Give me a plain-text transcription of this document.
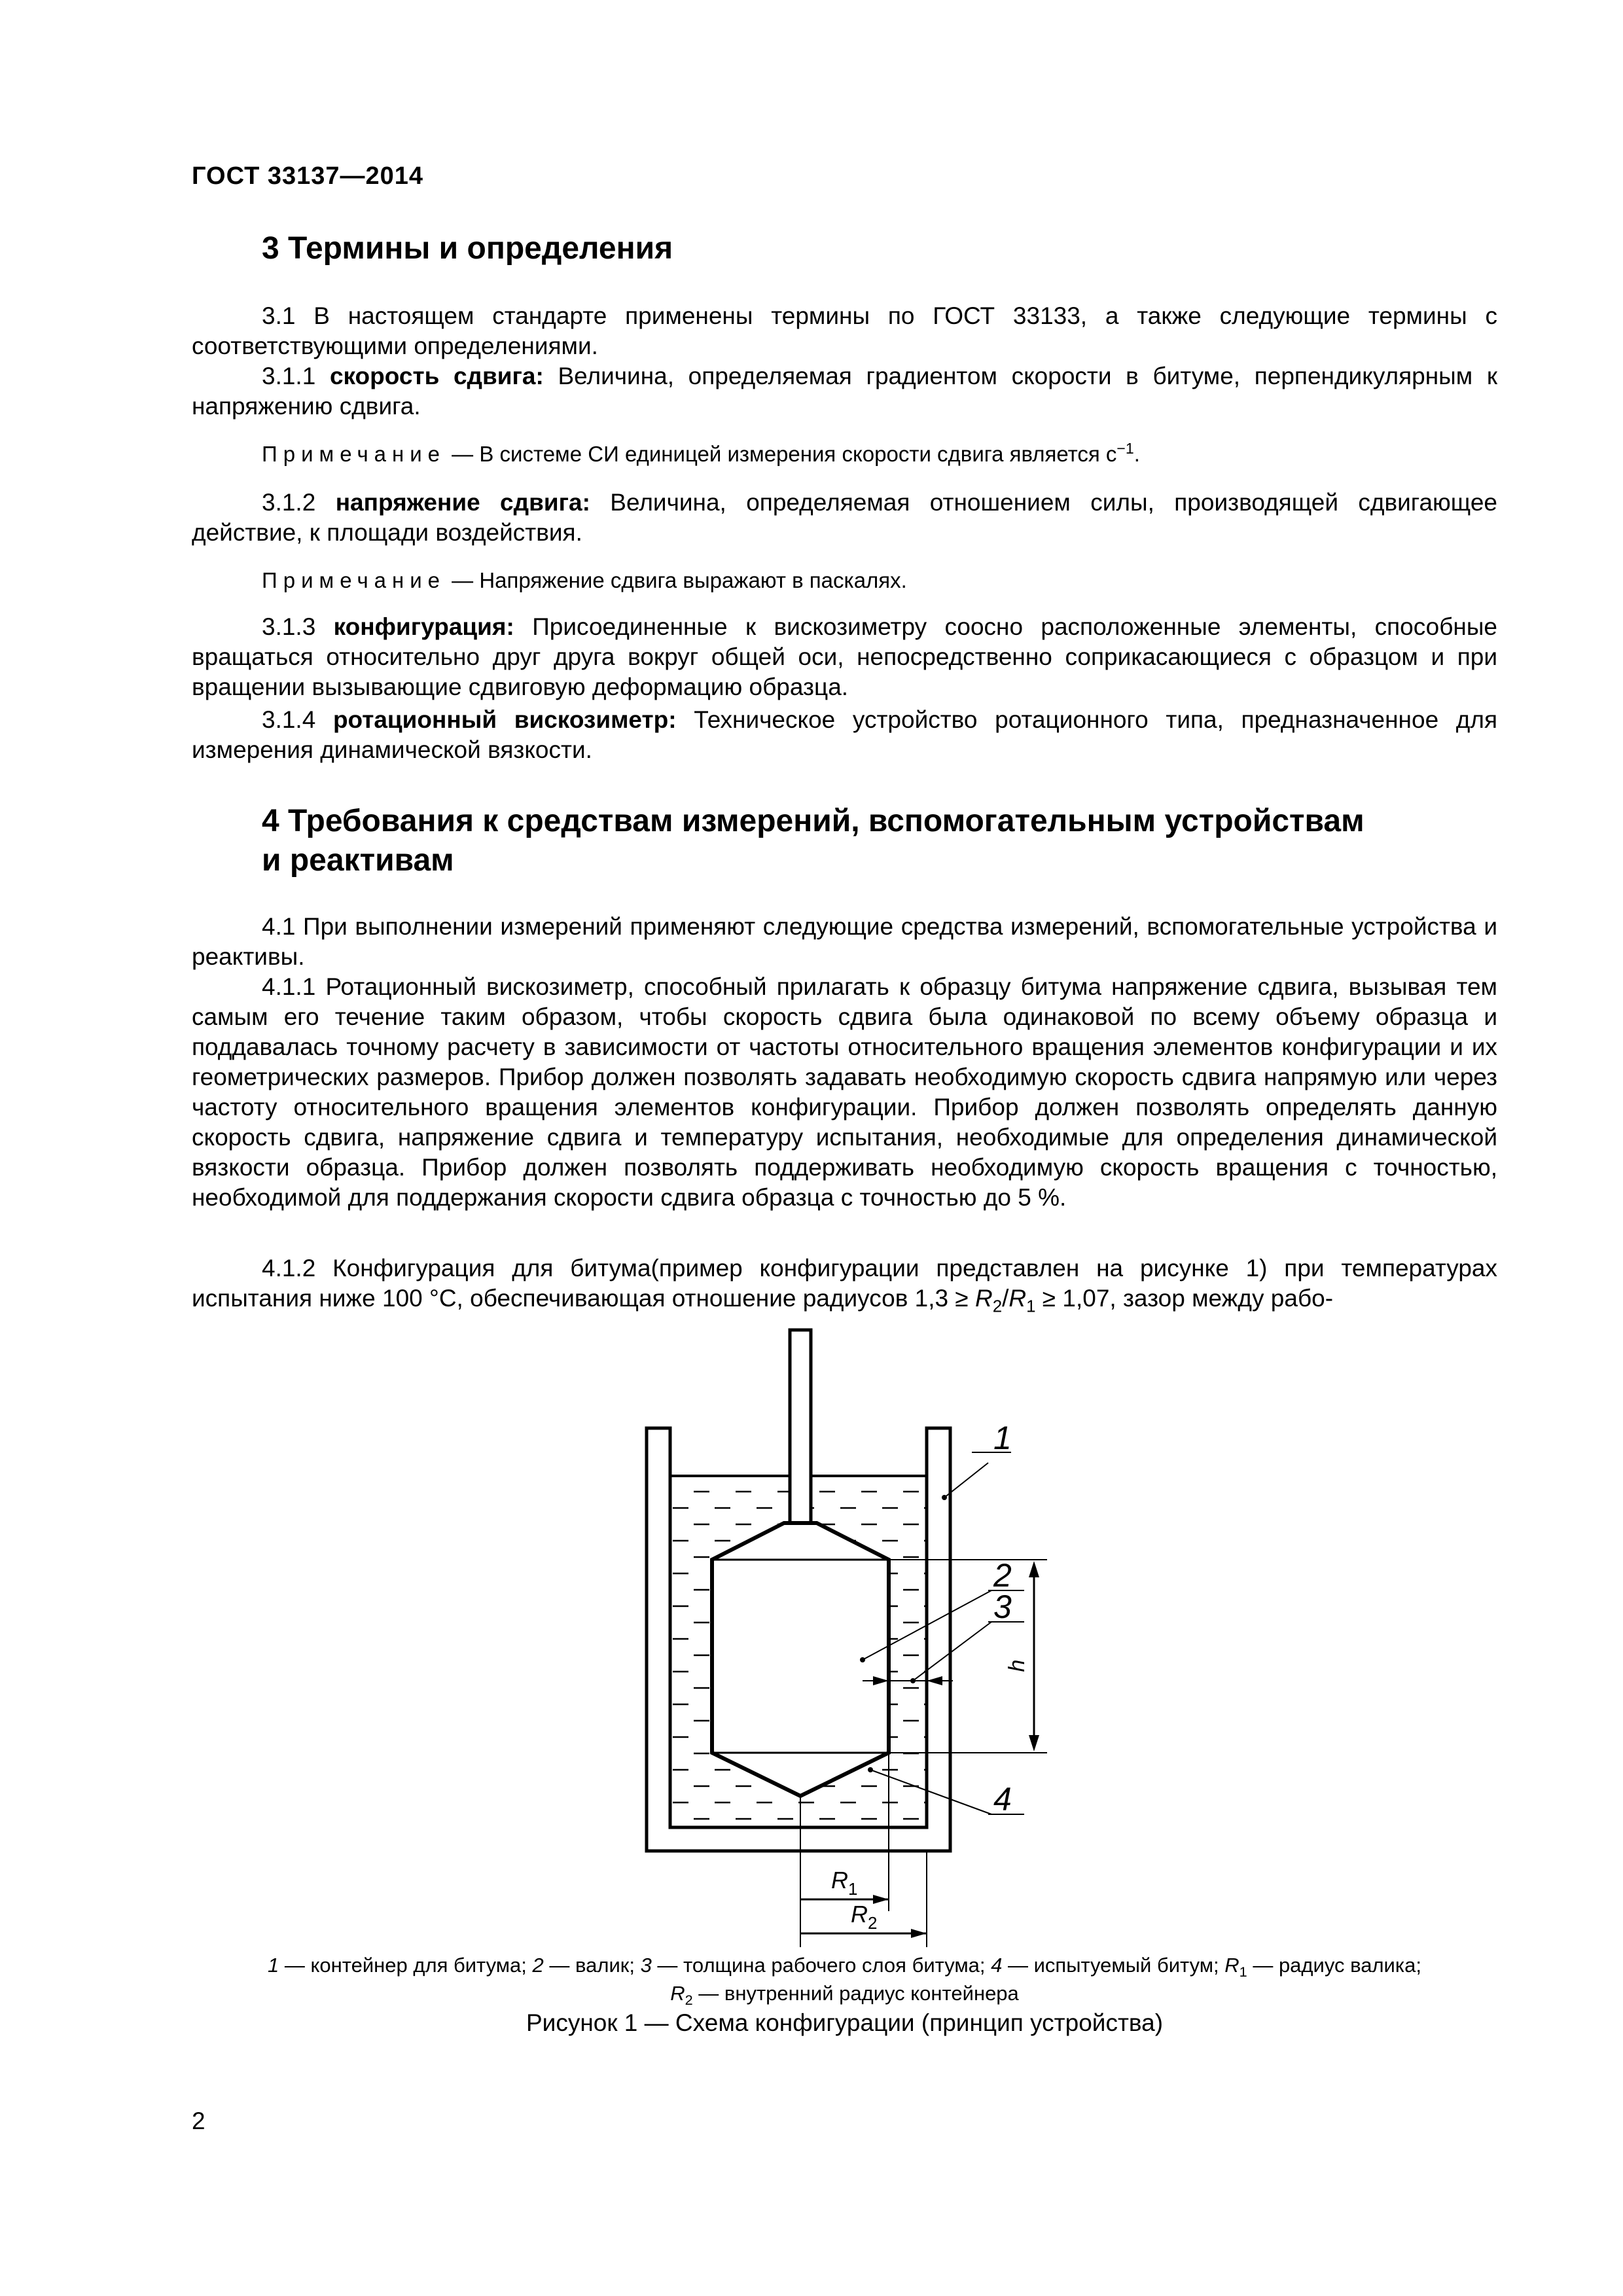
ГОСТ 33137—2014
3 Термины и определения
3.1 В настоящем стандарте применены термины по ГОСТ 33133, а также следующие термины с соответствующими определениями.
3.1.1 скорость сдвига: Величина, определяемая градиентом скорости в битуме, перпендикулярным к напряжению сдвига.
Примечание — В системе СИ единицей измерения скорости сдвига является $с^{-1}$.
3.1.2 напряжение сдвига: Величина, определяемая отношением силы, производящей сдвигающее действие, к площади воздействия.
Примечание — Напряжение сдвига выражают в паскалях.
3.1.3 конфигурация: Присоединенные к вискозиметру соосно расположенные элементы, способные вращаться относительно друг друга вокруг общей оси, непосредственно соприкасающиеся с образцом и при вращении вызывающие сдвиговую деформацию образца.
3.1.4 ротационный вискозиметр: Техническое устройство ротационного типа, предназначенное для измерения динамической вязкости.
4 Требования к средствам измерений, вспомогательным устройствам
и реактивам
4.1 При выполнении измерений применяют следующие средства измерений, вспомогательные устройства и реактивы.
4.1.1 Ротационный вискозиметр, способный прилагать к образцу битума напряжение сдвига, вызывая тем самым его течение таким образом, чтобы скорость сдвига была одинаковой по всему объему образца и поддавалась точному расчету в зависимости от частоты относительного вращения элементов конфигурации и их геометрических размеров. Прибор должен позволять задавать необходимую скорость сдвига напрямую или через частоту относительного вращения элементов конфигурации. Прибор должен позволять определять данную скорость сдвига, напряжение сдвига и температуру испытания, необходимые для определения динамической вязкости образца. Прибор должен позволять поддерживать необходимую скорость вращения с точностью, необходимой для поддержания скорости сдвига образца с точностью до 5 %.
4.1.2 Конфигурация для битума(пример конфигурации представлен на рисунке 1) при температурах испытания ниже 100 °С, обеспечивающая отношение радиусов $1,3 \ge R_2/R_1 \ge 1,07$, зазор между рабо-
h
1
2
3
4
$R_1$
$R_2$
1 — контейнер для битума; 2 — валик; 3 — толщина рабочего слоя битума; 4 — испытуемый битум; $R_1$ — радиус валика;
$R_2$ — внутренний радиус контейнера
Рисунок 1 — Схема конфигурации (принцип устройства)
2
